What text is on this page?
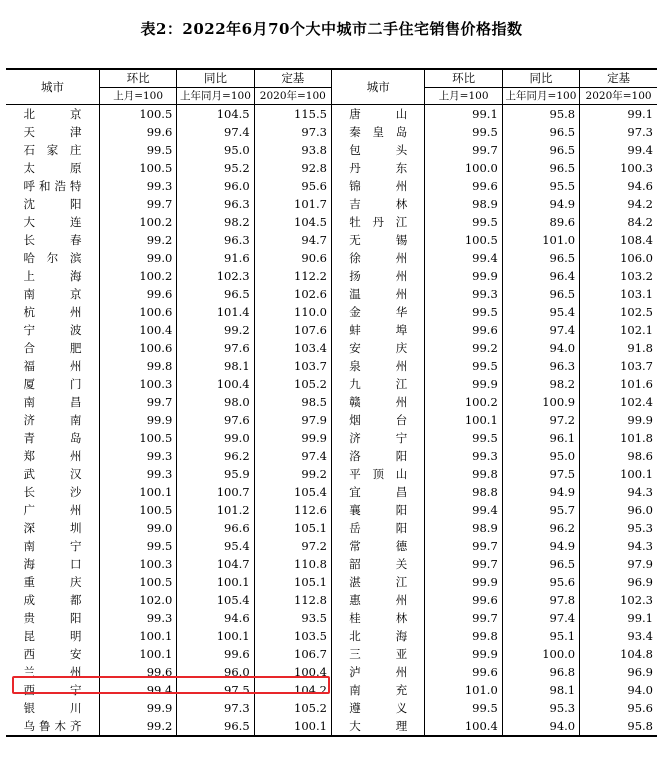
表2：2022年6月70个大中城市二手住宅销售价格指数
城市	环比	同比	定基	城市	环比	同比	定基
	上月=100	上年同月=100	2020年=100		上月=100	上年同月=100	2020年=100
北京	100.5	104.5	115.5	唐山	99.1	95.8	99.1
天津	99.6	97.4	97.3	秦皇岛	99.5	96.5	97.3
石家庄	99.5	95.0	93.8	包头	99.7	96.5	99.4
太原	100.5	95.2	92.8	丹东	100.0	96.5	100.3
呼和浩特	99.3	96.0	95.6	锦州	99.6	95.5	94.6
沈阳	99.7	96.3	101.7	吉林	98.9	94.9	94.2
大连	100.2	98.2	104.5	牡丹江	99.5	89.6	84.2
长春	99.2	96.3	94.7	无锡	100.5	101.0	108.4
哈尔滨	99.0	91.6	90.6	徐州	99.4	96.5	106.0
上海	100.2	102.3	112.2	扬州	99.9	96.4	103.2
南京	99.6	96.5	102.6	温州	99.3	96.5	103.1
杭州	100.6	101.4	110.0	金华	99.5	95.4	102.5
宁波	100.4	99.2	107.6	蚌埠	99.6	97.4	102.1
合肥	100.6	97.6	103.4	安庆	99.2	94.0	91.8
福州	99.8	98.1	103.7	泉州	99.5	96.3	103.7
厦门	100.3	100.4	105.2	九江	99.9	98.2	101.6
南昌	99.7	98.0	98.5	赣州	100.2	100.9	102.4
济南	99.9	97.6	97.9	烟台	100.1	97.2	99.9
青岛	100.5	99.0	99.9	济宁	99.5	96.1	101.8
郑州	99.3	96.2	97.4	洛阳	99.3	95.0	98.6
武汉	99.3	95.9	99.2	平顶山	99.8	97.5	100.1
长沙	100.1	100.7	105.4	宜昌	98.8	94.9	94.3
广州	100.5	101.2	112.6	襄阳	99.4	95.7	96.0
深圳	99.0	96.6	105.1	岳阳	98.9	96.2	95.3
南宁	99.5	95.4	97.2	常德	99.7	94.9	94.3
海口	100.3	104.7	110.8	韶关	99.7	96.5	97.9
重庆	100.5	100.1	105.1	湛江	99.9	95.6	96.9
成都	102.0	105.4	112.8	惠州	99.6	97.8	102.3
贵阳	99.3	94.6	93.5	桂林	99.7	97.4	99.1
昆明	100.1	100.1	103.5	北海	99.8	95.1	93.4
西安	100.1	99.6	106.7	三亚	99.9	100.0	104.8
兰州	99.6	96.0	100.4	泸州	99.6	96.8	96.9
西宁	99.4	97.5	104.2	南充	101.0	98.1	94.0
银川	99.9	97.3	105.2	遵义	99.5	95.3	95.6
乌鲁木齐	99.2	96.5	100.1	大理	100.4	94.0	95.8
